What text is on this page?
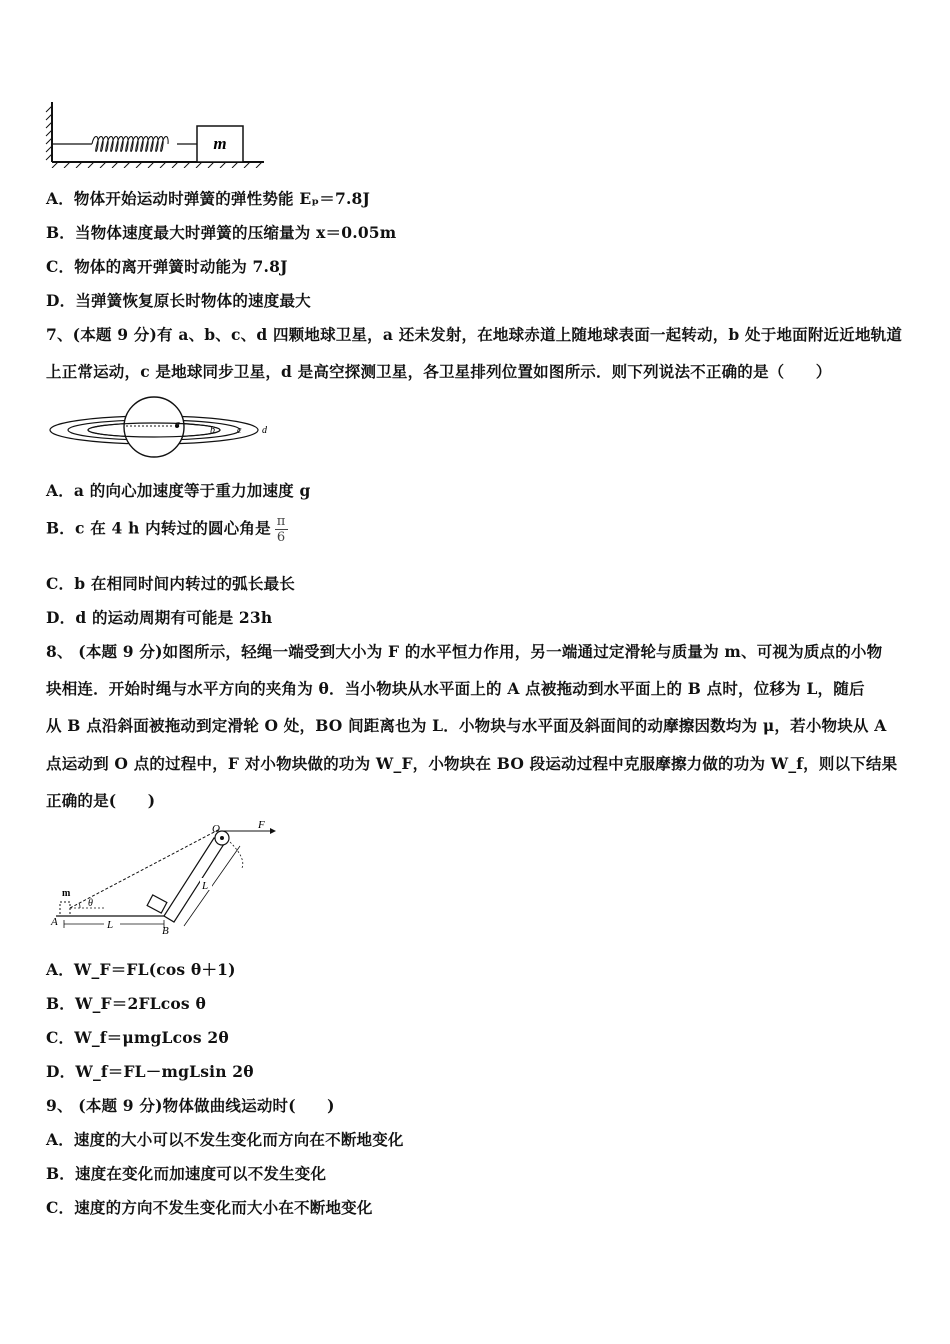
m
A．物体开始运动时弹簧的弹性势能 Eₚ＝7.8J
B．当物体速度最大时弹簧的压缩量为 x＝0.05m
C．物体的离开弹簧时动能为 7.8J
D．当弹簧恢复原长时物体的速度最大
7、(本题 9 分)有 a、b、c、d 四颗地球卫星，a 还未发射，在地球赤道上随地球表面一起转动，b 处于地面附近近地轨道
上正常运动，c 是地球同步卫星，d 是高空探测卫星，各卫星排列位置如图所示．则下列说法不正确的是（　　）
a
b c d
A．a 的向心加速度等于重力加速度 g
B．c 在 4 h 内转过的圆心角是 $\frac{\pi}{6}$
C．b 在相同时间内转过的弧长最长
D．d 的运动周期有可能是 23h
8、 (本题 9 分)如图所示，轻绳一端受到大小为 F 的水平恒力作用，另一端通过定滑轮与质量为 m、可视为质点的小物
块相连．开始时绳与水平方向的夹角为 θ．当小物块从水平面上的 A 点被拖动到水平面上的 B 点时，位移为 L，随后
从 B 点沿斜面被拖动到定滑轮 O 处，BO 间距离也为 L．小物块与水平面及斜面间的动摩擦因数均为 μ，若小物块从 A
点运动到 O 点的过程中，F 对小物块做的功为 W_F，小物块在 BO 段运动过程中克服摩擦力做的功为 W_f，则以下结果
正确的是(　　)
m
θ
A	L	B
O	F
L
A．W_F＝FL(cos θ＋1)
B．W_F＝2FLcos θ
C．W_f＝μmgLcos 2θ
D．W_f＝FL－mgLsin 2θ
9、 (本题 9 分)物体做曲线运动时(　　)
A．速度的大小可以不发生变化而方向在不断地变化
B．速度在变化而加速度可以不发生变化
C．速度的方向不发生变化而大小在不断地变化
